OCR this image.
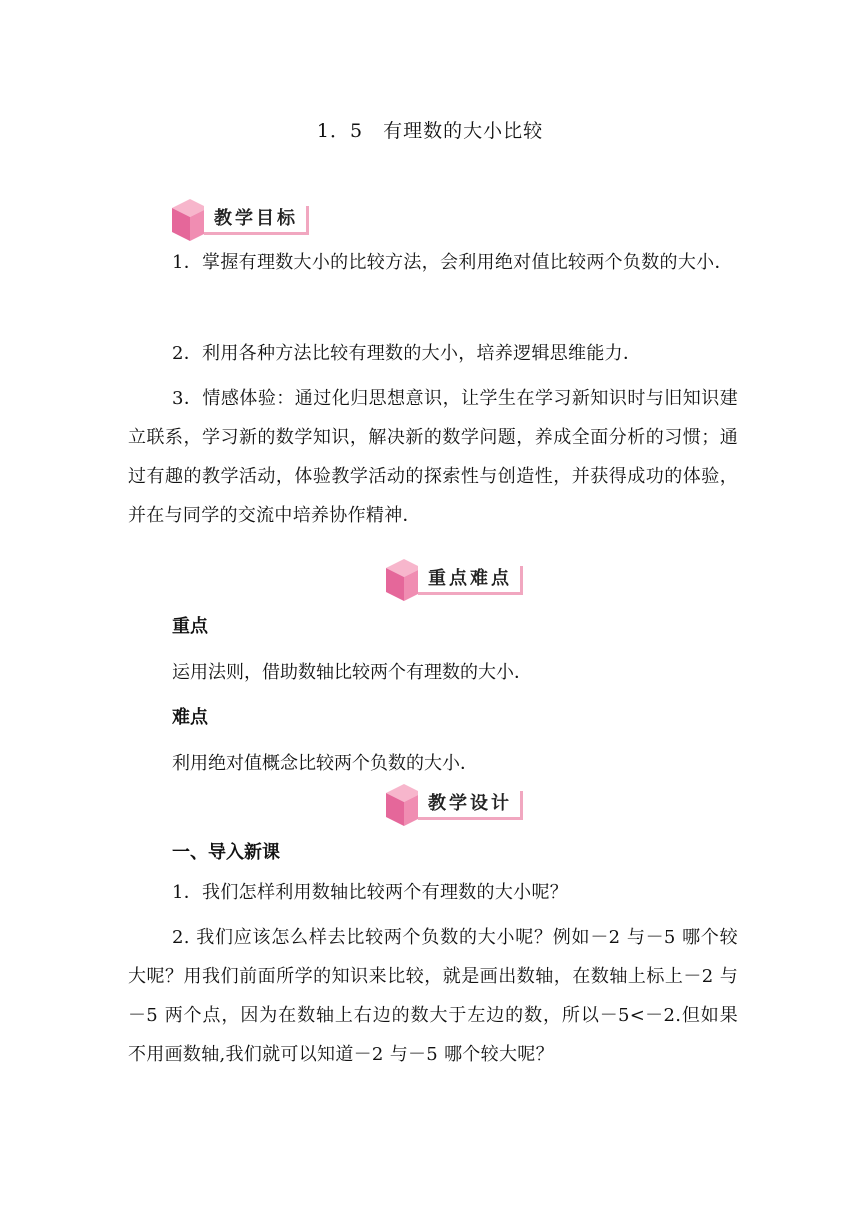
1．5　有理数的大小比较
教学目标
1．掌握有理数大小的比较方法，会利用绝对值比较两个负数的大小．
2．利用各种方法比较有理数的大小，培养逻辑思维能力．
3．情感体验：通过化归思想意识，让学生在学习新知识时与旧知识建立联系，学习新的数学知识，解决新的数学问题，养成全面分析的习惯；通过有趣的教学活动，体验教学活动的探索性与创造性，并获得成功的体验，并在与同学的交流中培养协作精神．
重点难点
重点
运用法则，借助数轴比较两个有理数的大小．
难点
利用绝对值概念比较两个负数的大小．
教学设计
一、导入新课
1．我们怎样利用数轴比较两个有理数的大小呢？
2. 我们应该怎么样去比较两个负数的大小呢？例如－2 与－5 哪个较大呢？用我们前面所学的知识来比较，就是画出数轴，在数轴上标上－2 与－5 两个点，因为在数轴上右边的数大于左边的数，所以－5<－2.但如果不用画数轴,我们就可以知道－2 与－5 哪个较大呢？
